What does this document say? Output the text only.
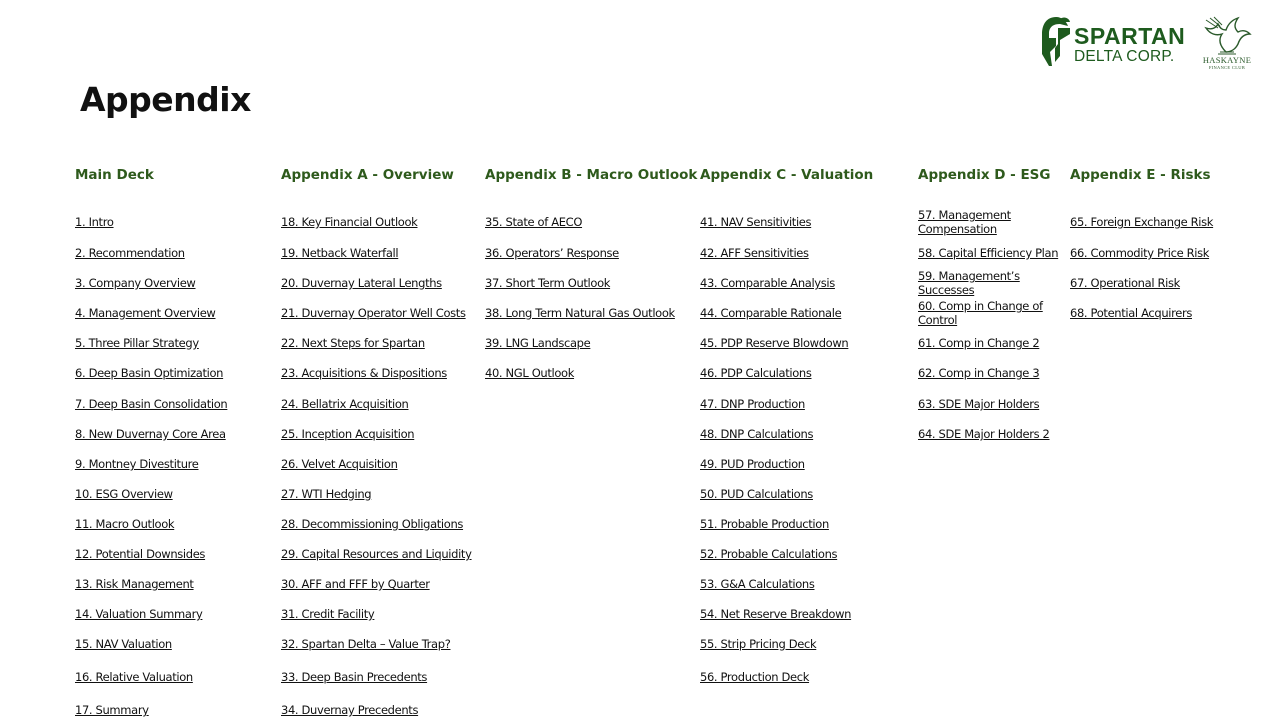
SPARTAN
DELTA CORP.	HASKAYNE
FINANCE CLUB
Appendix
Main Deck
1. Intro
2. Recommendation
3. Company Overview
4. Management Overview
5. Three Pillar Strategy
6. Deep Basin Optimization
7. Deep Basin Consolidation
8. New Duvernay Core Area
9. Montney Divestiture
10. ESG Overview
11. Macro Outlook
12. Potential Downsides
13. Risk Management
14. Valuation Summary
15. NAV Valuation
16. Relative Valuation
17. Summary
Appendix A - Overview
18. Key Financial Outlook
19. Netback Waterfall
20. Duvernay Lateral Lengths
21. Duvernay Operator Well Costs
22. Next Steps for Spartan
23. Acquisitions & Dispositions
24. Bellatrix Acquisition
25. Inception Acquisition
26. Velvet Acquisition
27. WTI Hedging
28. Decommissioning Obligations
29. Capital Resources and Liquidity
30. AFF and FFF by Quarter
31. Credit Facility
32. Spartan Delta – Value Trap?
33. Deep Basin Precedents
34. Duvernay Precedents
Appendix B - Macro Outlook
35. State of AECO
36. Operators’ Response
37. Short Term Outlook
38. Long Term Natural Gas Outlook
39. LNG Landscape
40. NGL Outlook
Appendix C - Valuation
41. NAV Sensitivities
42. AFF Sensitivities
43. Comparable Analysis
44. Comparable Rationale
45. PDP Reserve Blowdown
46. PDP Calculations
47. DNP Production
48. DNP Calculations
49. PUD Production
50. PUD Calculations
51. Probable Production
52. Probable Calculations
53. G&A Calculations
54. Net Reserve Breakdown
55. Strip Pricing Deck
56. Production Deck
Appendix D - ESG
57. Management Compensation
58. Capital Efficiency Plan
59. Management’s Successes
60. Comp in Change of Control
61. Comp in Change 2
62. Comp in Change 3
63. SDE Major Holders
64. SDE Major Holders 2
Appendix E - Risks
65. Foreign Exchange Risk
66. Commodity Price Risk
67. Operational Risk
68. Potential Acquirers
